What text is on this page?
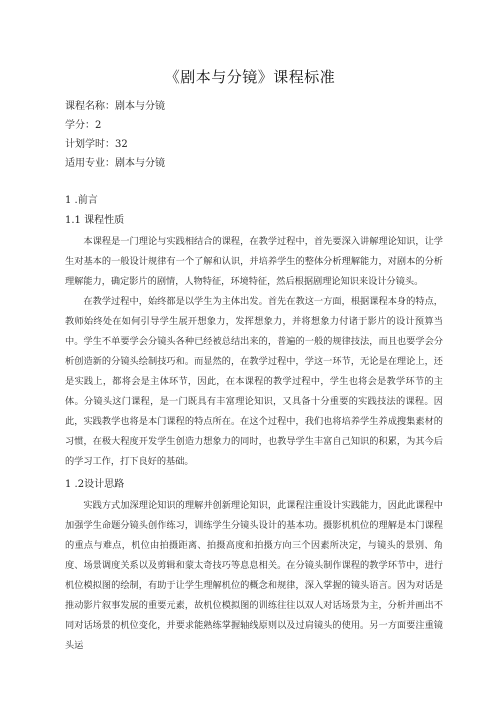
《剧本与分镜》课程标准
课程名称：剧本与分镜
学分：2
计划学时：32
适用专业：剧本与分镜
1 .前言
1.1 课程性质

本课程是一门理论与实践相结合的课程，在教学过程中，首先要深入讲解理论知识，让学生对基本的一般设计规律有一个了解和认识，并培养学生的整体分析理解能力，对剧本的分析理解能力，确定影片的剧情，人物特征，环境特征，然后根据剧理论知识来设计分镜头。

在教学过程中，始终都是以学生为主体出发。首先在教这一方面，根据课程本身的特点，教师始终处在如何引导学生展开想象力，发挥想象力，并将想象力付诸于影片的设计预算当中。学生不单要学会分镜头各种已经被总结出来的，普遍的一般的规律技法，而且也要学会分析创造新的分镜头绘制技巧和。而显然的，在教学过程中，学这一环节，无论是在理论上，还是实践上，都将会是主体环节，因此，在本课程的教学过程中，学生也将会是教学环节的主体。分镜头这门课程，是一门既具有丰富理论知识，又具备十分重要的实践技法的课程。因此，实践教学也将是本门课程的特点所在。在这个过程中，我们也将培养学生养成搜集素材的习惯，在极大程度开发学生创造力想象力的同时，也教导学生丰富自己知识的积累，为其今后的学习工作，打下良好的基础。

1 .2设计思路

实践方式加深理论知识的理解并创新理论知识，此课程注重设计实践能力，因此此课程中加强学生命题分镜头创作练习，训练学生分镜头设计的基本功。摄影机机位的理解是本门课程的重点与难点，机位由拍摄距离、拍摄高度和拍摄方向三个因素所决定，与镜头的景别、角度、场景调度关系以及剪辑和蒙太奇技巧等息息相关。在分镜头制作课程的教学环节中，进行机位模拟图的绘制，有助于让学生理解机位的概念和规律，深入掌握的镜头语言。因为对话是推动影片叙事发展的重要元素，故机位模拟图的训练往往以双人对话场景为主，分析并画出不同对话场景的机位变化，并要求能熟练掌握轴线原则以及过肩镜头的使用。另一方面要注重镜头运
